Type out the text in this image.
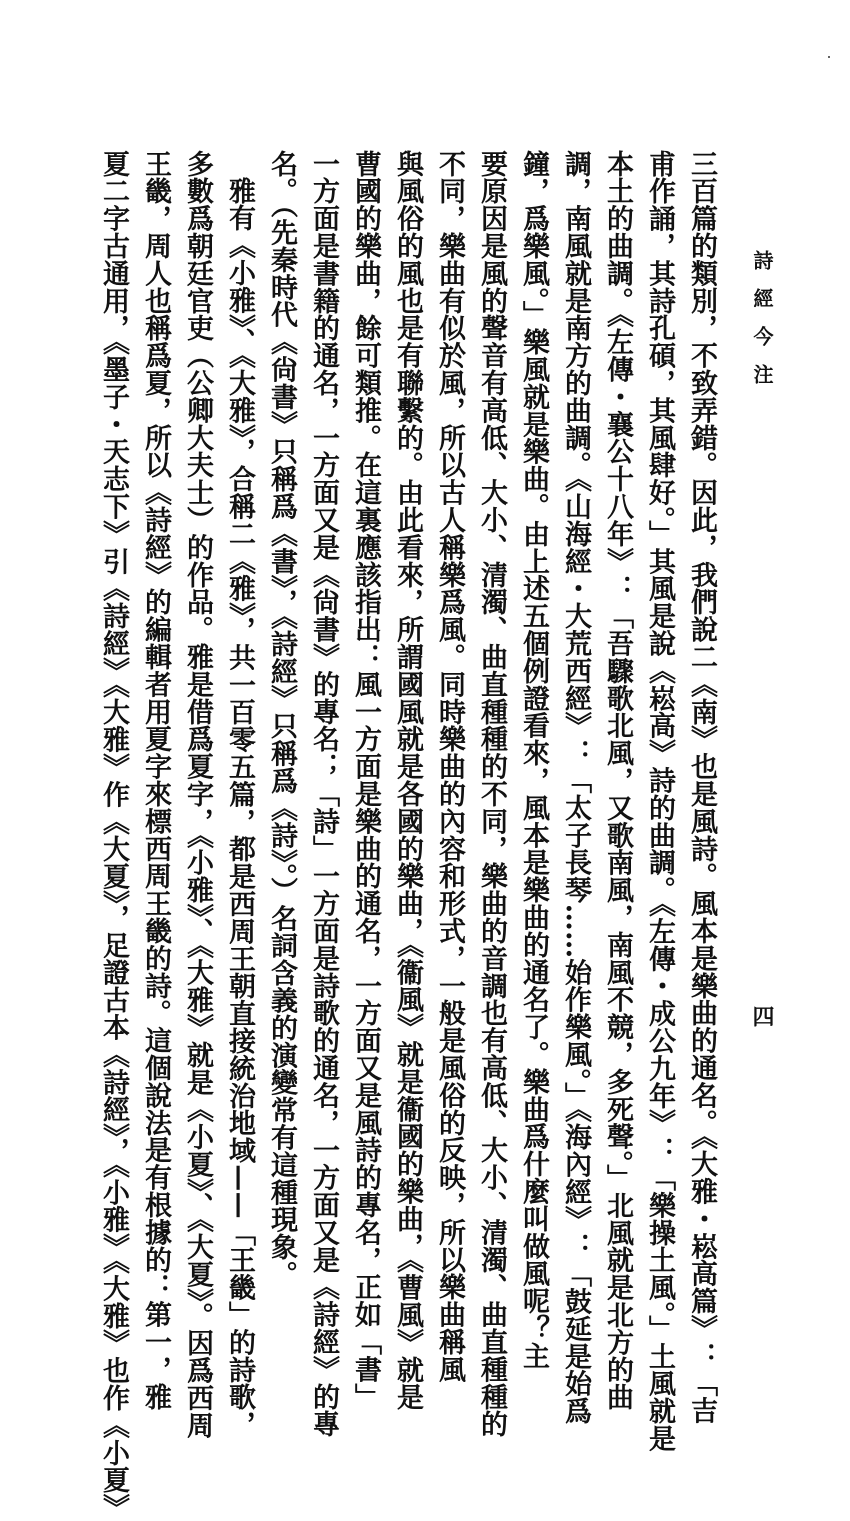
詩經今注
四
三百篇的類別，不致弄錯。因此，我們說二《南》也是風詩。風本是樂曲的通名。《大雅・崧高篇》：「吉
甫作誦，其詩孔碩，其風肆好。」其風是說《崧高》詩的曲調。《左傳・成公九年》：「樂操土風。」土風就是
本土的曲調。《左傳・襄公十八年》：「吾驟歌北風，又歌南風，南風不競，多死聲。」北風就是北方的曲
調，南風就是南方的曲調。《山海經・大荒西經》：「太子長琴……始作樂風。」《海內經》：「鼓延是始爲
鐘，爲樂風。」樂風就是樂曲。由上述五個例證看來，風本是樂曲的通名了。樂曲爲什麼叫做風呢？主
要原因是風的聲音有高低、大小、清濁、曲直種種的不同，樂曲的音調也有高低、大小、清濁、曲直種種的
不同，樂曲有似於風，所以古人稱樂爲風。同時樂曲的內容和形式，一般是風俗的反映，所以樂曲稱風
與風俗的風也是有聯繫的。由此看來，所謂國風就是各國的樂曲，《衞風》就是衞國的樂曲，《曹風》就是
曹國的樂曲，餘可類推。在這裏應該指出：風一方面是樂曲的通名，一方面又是風詩的專名，正如「書」
一方面是書籍的通名，一方面又是《尙書》的專名；「詩」一方面是詩歌的通名，一方面又是《詩經》的專
名。（先秦時代《尙書》只稱爲《書》，《詩經》只稱爲《詩》。）名詞含義的演變常有這種現象。
雅有《小雅》、《大雅》，合稱二《雅》，共一百零五篇，都是西周王朝直接統治地域——「王畿」的詩歌，
多數爲朝廷官吏（公卿大夫士）的作品。雅是借爲夏字，《小雅》、《大雅》就是《小夏》、《大夏》。因爲西周
王畿，周人也稱爲夏，所以《詩經》的編輯者用夏字來標西周王畿的詩。這個說法是有根據的：第一，雅
夏二字古通用，《墨子・天志下》引《詩經》《大雅》作《大夏》，足證古本《詩經》，《小雅》《大雅》也作《小夏》
